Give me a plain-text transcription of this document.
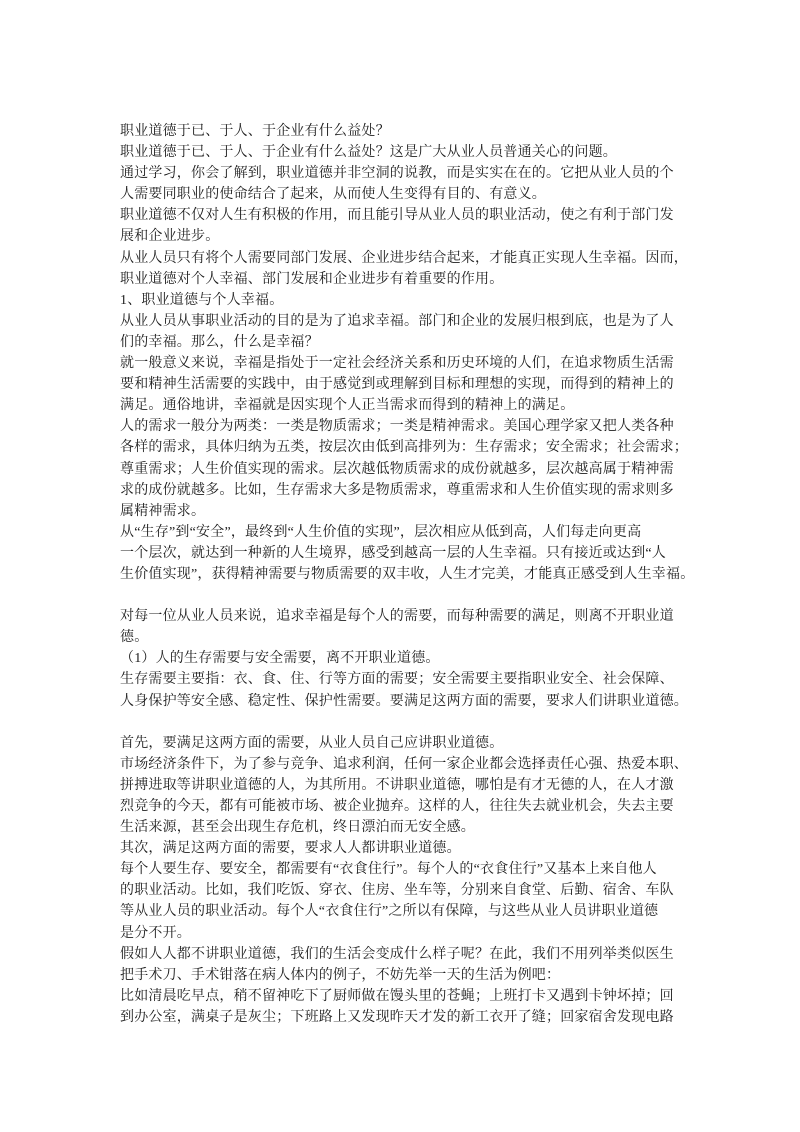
职业道德于已、于人、于企业有什么益处？
职业道德于已、于人、于企业有什么益处？这是广大从业人员普通关心的问题。
通过学习，你会了解到，职业道德并非空洞的说教，而是实实在在的。它把从业人员的个
人需要同职业的使命结合了起来，从而使人生变得有目的、有意义。
职业道德不仅对人生有积极的作用，而且能引导从业人员的职业活动，使之有利于部门发
展和企业进步。
从业人员只有将个人需要同部门发展、企业进步结合起来，才能真正实现人生幸福。因而，
职业道德对个人幸福、部门发展和企业进步有着重要的作用。
1、职业道德与个人幸福。
从业人员从事职业活动的目的是为了追求幸福。部门和企业的发展归根到底，也是为了人
们的幸福。那么，什么是幸福？
就一般意义来说，幸福是指处于一定社会经济关系和历史环境的人们，在追求物质生活需
要和精神生活需要的实践中，由于感觉到或理解到目标和理想的实现，而得到的精神上的
满足。通俗地讲，幸福就是因实现个人正当需求而得到的精神上的满足。
人的需求一般分为两类：一类是物质需求；一类是精神需求。美国心理学家又把人类各种
各样的需求，具体归纳为五类，按层次由低到高排列为：生存需求；安全需求；社会需求；
尊重需求；人生价值实现的需求。层次越低物质需求的成份就越多，层次越高属于精神需
求的成份就越多。比如，生存需求大多是物质需求，尊重需求和人生价值实现的需求则多
属精神需求。
从“生存”到“安全”，最终到“人生价值的实现”，层次相应从低到高，人们每走向更高
一个层次，就达到一种新的人生境界，感受到越高一层的人生幸福。只有接近或达到“人
生价值实现”，获得精神需要与物质需要的双丰收，人生才完美，才能真正感受到人生幸福。
对每一位从业人员来说，追求幸福是每个人的需要，而每种需要的满足，则离不开职业道
德。
（1）人的生存需要与安全需要，离不开职业道德。
生存需要主要指：衣、食、住、行等方面的需要；安全需要主要指职业安全、社会保障、
人身保护等安全感、稳定性、保护性需要。要满足这两方面的需要，要求人们讲职业道德。
首先，要满足这两方面的需要，从业人员自己应讲职业道德。
市场经济条件下，为了参与竞争、追求利润，任何一家企业都会选择责任心强、热爱本职、
拼搏进取等讲职业道德的人，为其所用。不讲职业道德，哪怕是有才无德的人，在人才激
烈竞争的今天，都有可能被市场、被企业抛弃。这样的人，往往失去就业机会，失去主要
生活来源，甚至会出现生存危机，终日漂泊而无安全感。
其次，满足这两方面的需要，要求人人都讲职业道德。
每个人要生存、要安全，都需要有“衣食住行”。每个人的“衣食住行”又基本上来自他人
的职业活动。比如，我们吃饭、穿衣、住房、坐车等，分别来自食堂、后勤、宿舍、车队
等从业人员的职业活动。每个人“衣食住行”之所以有保障，与这些从业人员讲职业道德
是分不开。
假如人人都不讲职业道德，我们的生活会变成什么样子呢？在此，我们不用列举类似医生
把手术刀、手术钳落在病人体内的例子，不妨先举一天的生活为例吧：
比如清晨吃早点，稍不留神吃下了厨师做在馒头里的苍蝇；上班打卡又遇到卡钟坏掉；回
到办公室，满桌子是灰尘；下班路上又发现昨天才发的新工衣开了缝；回家宿舍发现电路
